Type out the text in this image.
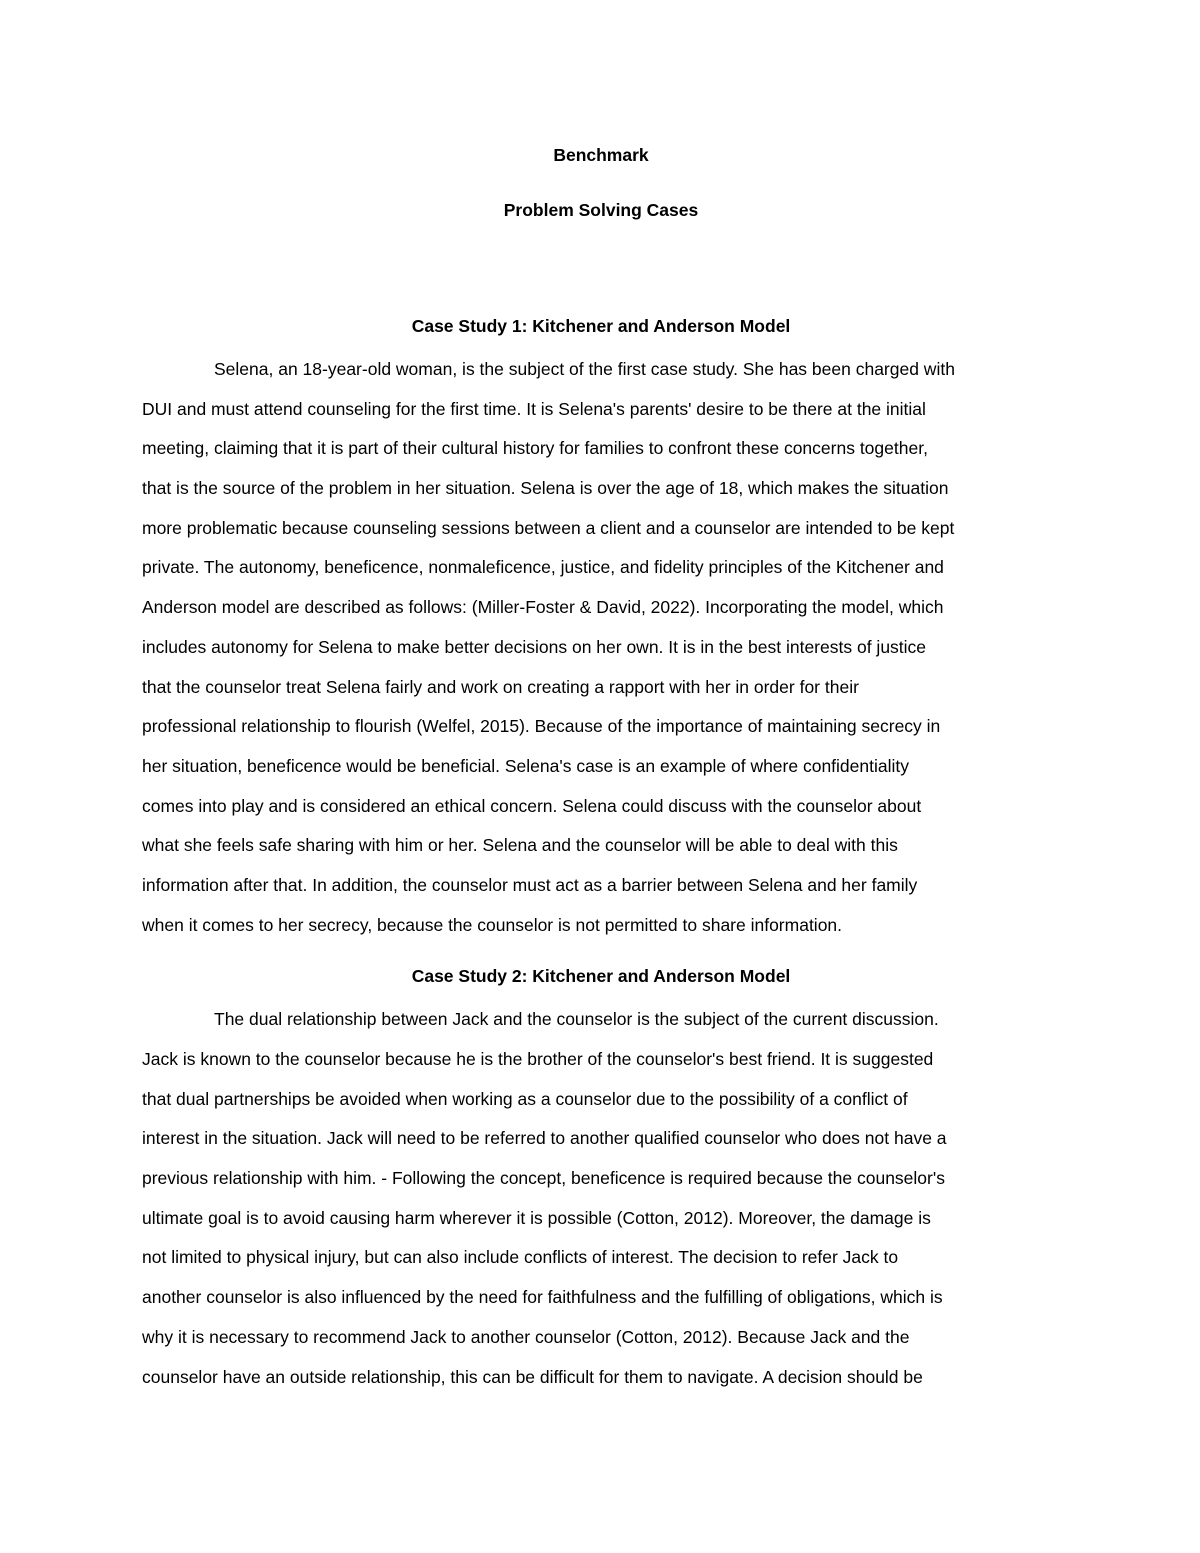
Benchmark
Problem Solving Cases
Case Study 1: Kitchener and Anderson Model
Selena, an 18-year-old woman, is the subject of the first case study. She has been charged with
DUI and must attend counseling for the first time. It is Selena's parents' desire to be there at the initial
meeting, claiming that it is part of their cultural history for families to confront these concerns together,
that is the source of the problem in her situation. Selena is over the age of 18, which makes the situation
more problematic because counseling sessions between a client and a counselor are intended to be kept
private. The autonomy, beneficence, nonmaleficence, justice, and fidelity principles of the Kitchener and
Anderson model are described as follows: (Miller-Foster & David, 2022). Incorporating the model, which
includes autonomy for Selena to make better decisions on her own. It is in the best interests of justice
that the counselor treat Selena fairly and work on creating a rapport with her in order for their
professional relationship to flourish (Welfel, 2015). Because of the importance of maintaining secrecy in
her situation, beneficence would be beneficial. Selena's case is an example of where confidentiality
comes into play and is considered an ethical concern. Selena could discuss with the counselor about
what she feels safe sharing with him or her. Selena and the counselor will be able to deal with this
information after that. In addition, the counselor must act as a barrier between Selena and her family
when it comes to her secrecy, because the counselor is not permitted to share information.
Case Study 2: Kitchener and Anderson Model
The dual relationship between Jack and the counselor is the subject of the current discussion.
Jack is known to the counselor because he is the brother of the counselor's best friend. It is suggested
that dual partnerships be avoided when working as a counselor due to the possibility of a conflict of
interest in the situation. Jack will need to be referred to another qualified counselor who does not have a
previous relationship with him. - Following the concept, beneficence is required because the counselor's
ultimate goal is to avoid causing harm wherever it is possible (Cotton, 2012). Moreover, the damage is
not limited to physical injury, but can also include conflicts of interest. The decision to refer Jack to
another counselor is also influenced by the need for faithfulness and the fulfilling of obligations, which is
why it is necessary to recommend Jack to another counselor (Cotton, 2012). Because Jack and the
counselor have an outside relationship, this can be difficult for them to navigate. A decision should be
